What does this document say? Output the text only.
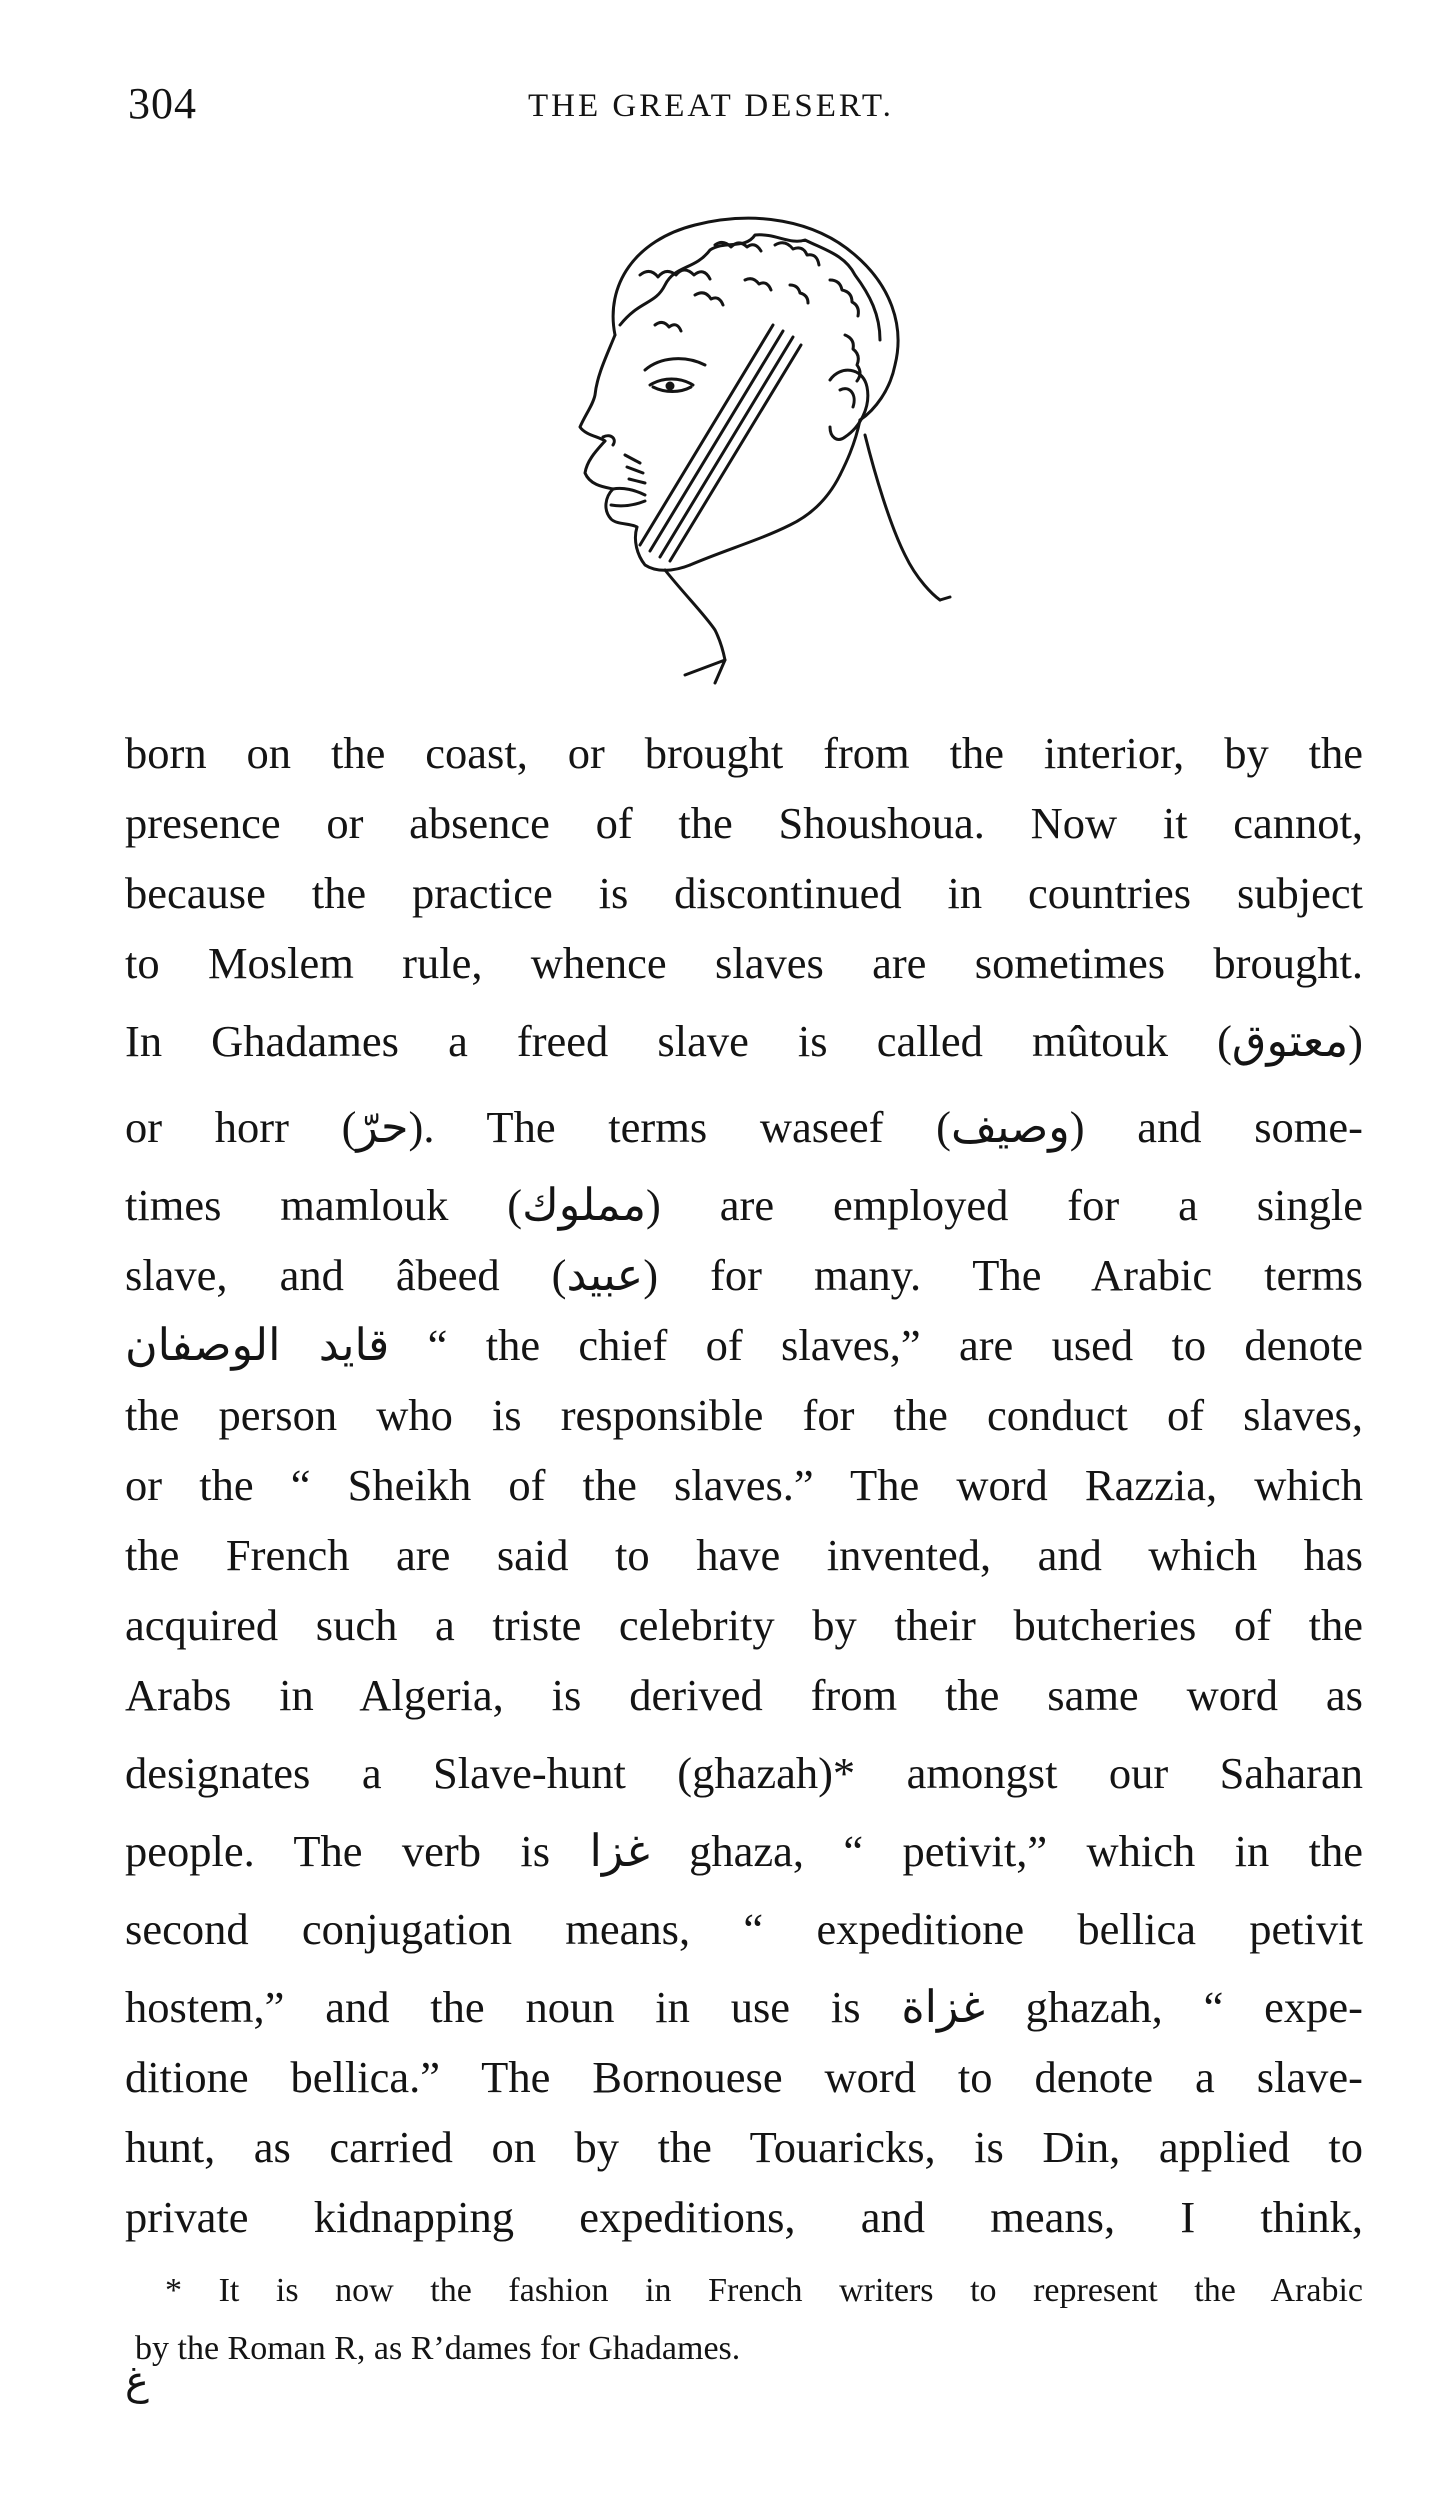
304	THE GREAT DESERT.
born on the coast, or brought from the interior, by the
presence or absence of the Shoushoua. Now it cannot,
because the practice is discontinued in countries subject
to Moslem rule, whence slaves are sometimes brought.
In Ghadames a freed slave is called mûtouk (معتوق)
or horr (حرّ). The terms waseef (وصيف) and some-
times mamlouk (مملوك) are employed for a single
slave, and âbeed (عبيد) for many. The Arabic terms
قايد الوصفان “ the chief of slaves,” are used to denote
the person who is responsible for the conduct of slaves,
or the “ Sheikh of the slaves.” The word Razzia, which
the French are said to have invented, and which has
acquired such a triste celebrity by their butcheries of the
Arabs in Algeria, is derived from the same word as
designates a Slave-hunt (ghazah)* amongst our Saharan
people. The verb is غزا ghaza, “ petivit,” which in the
second conjugation means, “ expeditione bellica petivit
hostem,” and the noun in use is غزاة ghazah, “ expe-
ditione bellica.” The Bornouese word to denote a slave-
hunt, as carried on by the Touaricks, is Din, applied to
private kidnapping expeditions, and means, I think,
* It is now the fashion in French writers to represent the Arabic
by the Roman R, as R’dames for Ghadames.
غ
